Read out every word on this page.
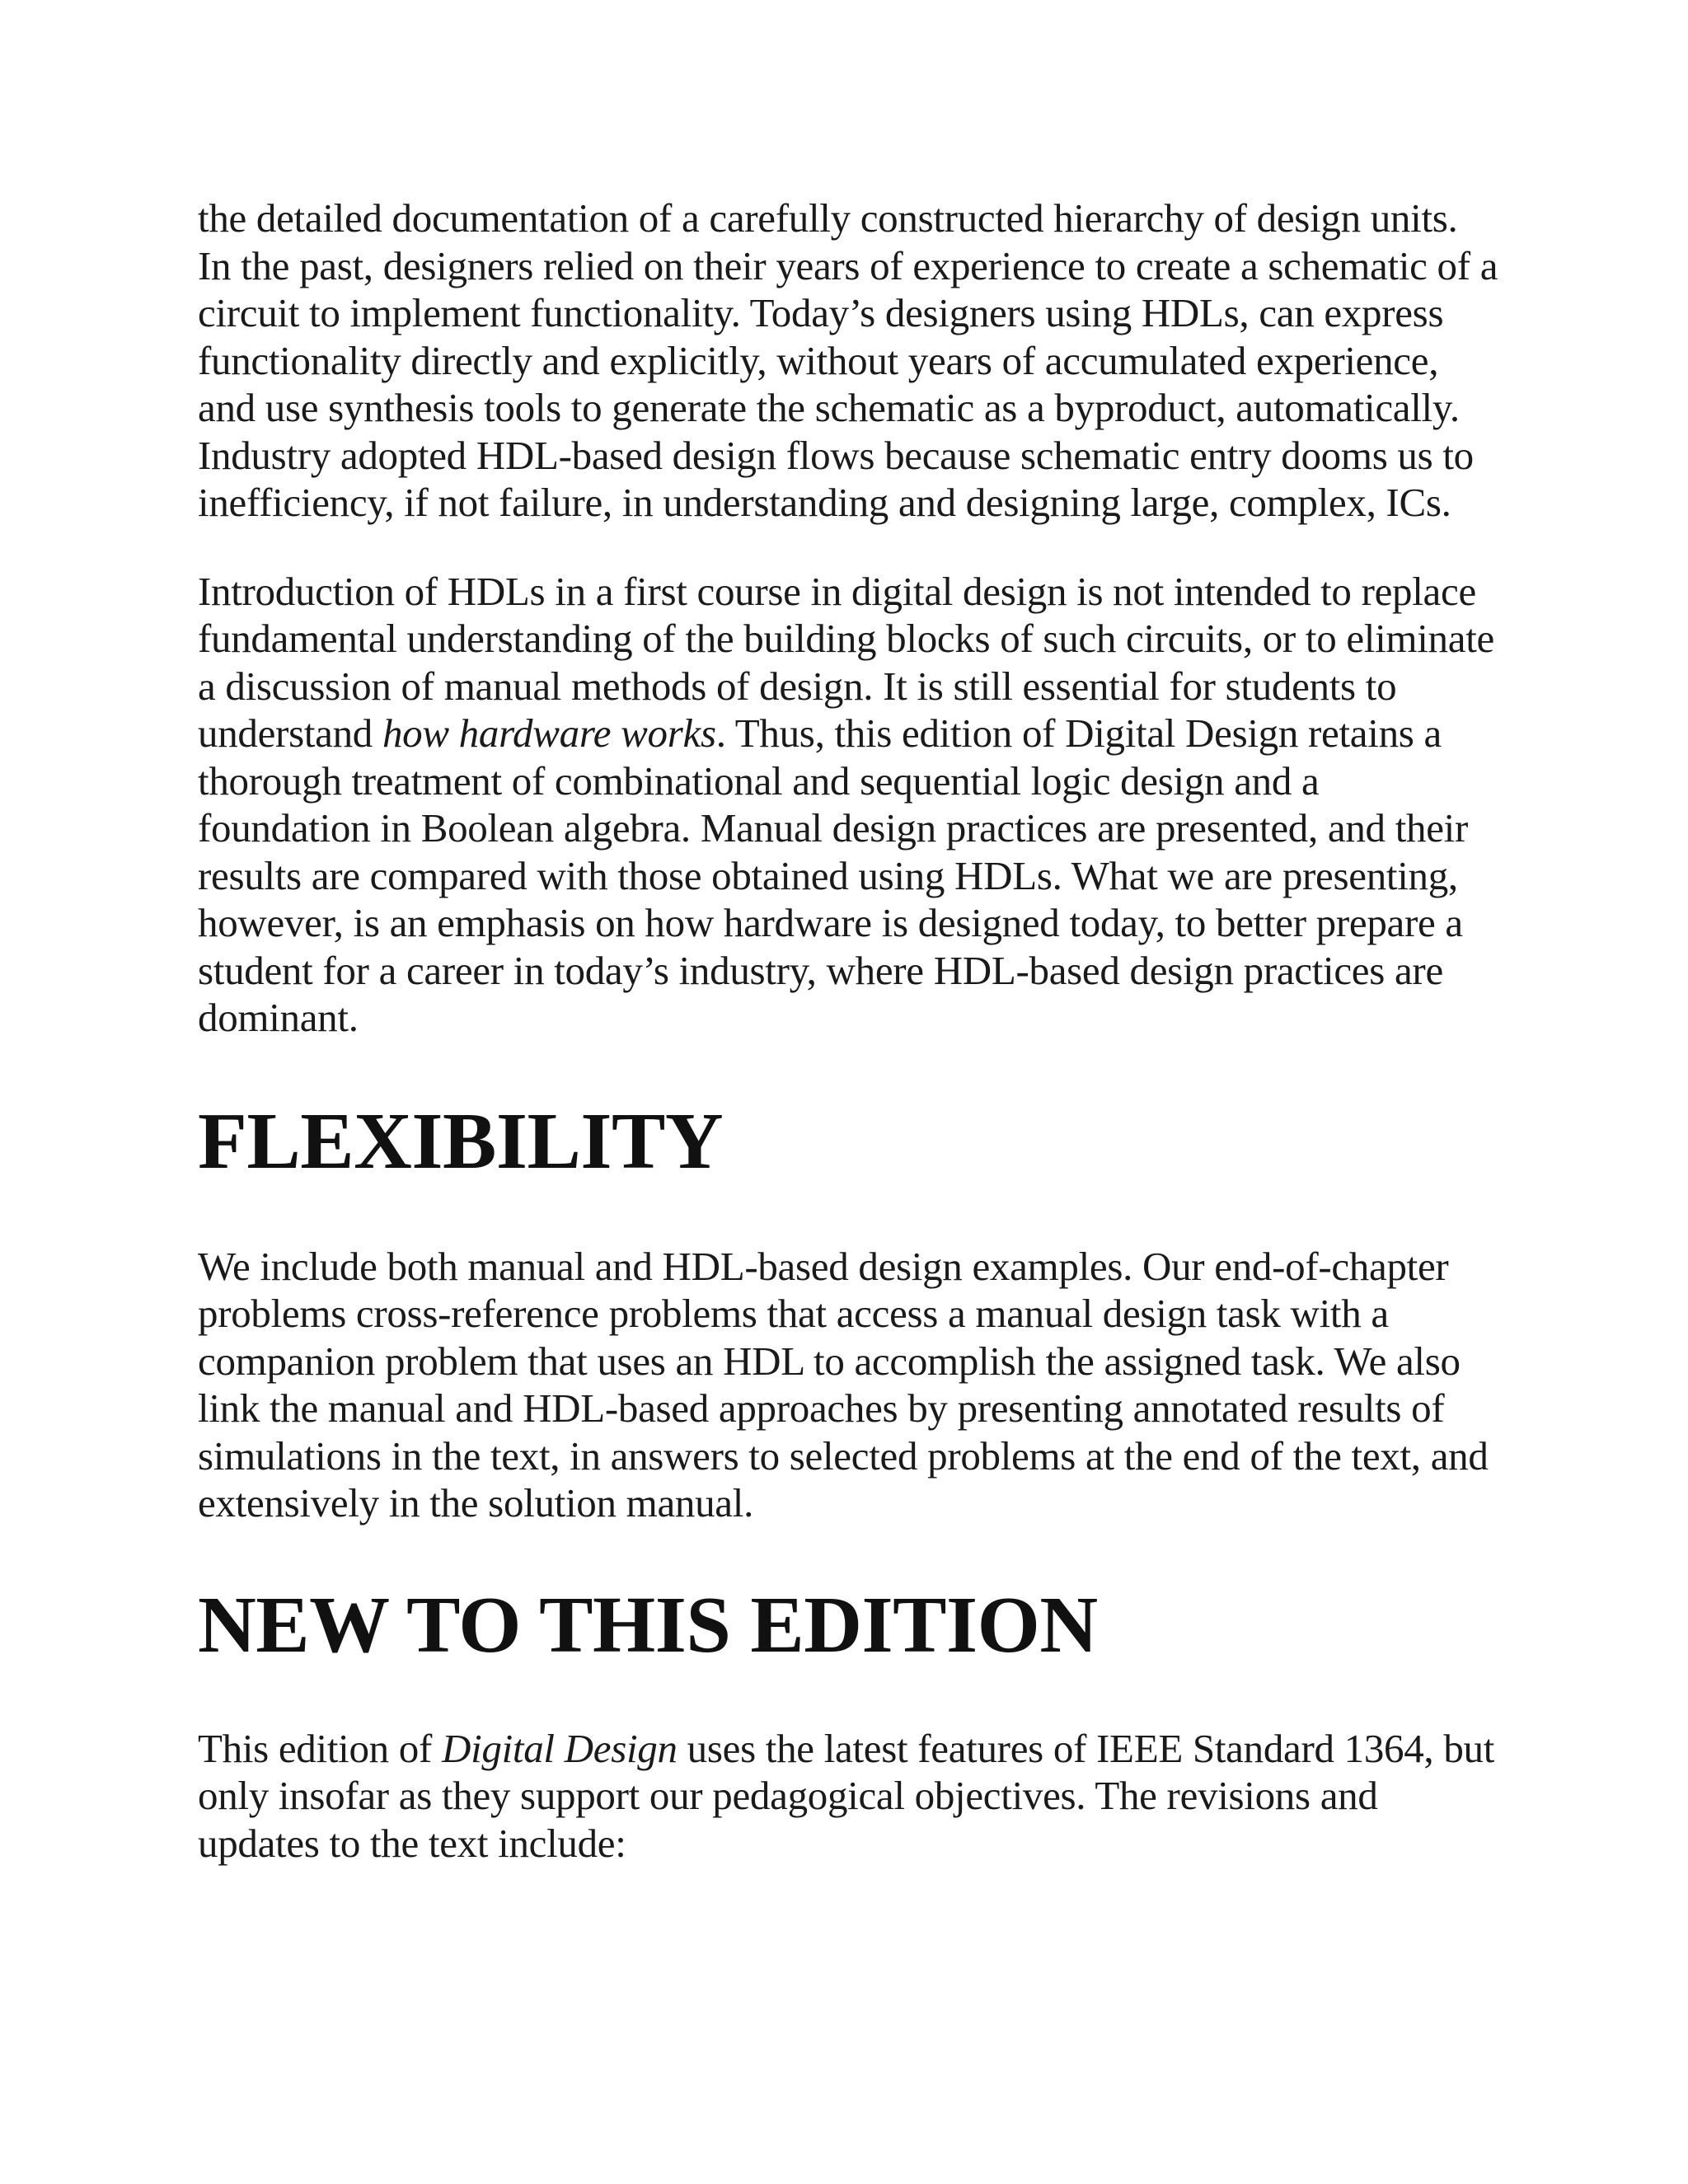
the detailed documentation of a carefully constructed hierarchy of design units. In the past, designers relied on their years of experience to create a schematic of a circuit to implement functionality. Today’s designers using HDLs, can express functionality directly and explicitly, without years of accumulated experience, and use synthesis tools to generate the schematic as a byproduct, automatically. Industry adopted HDL-based design flows because schematic entry dooms us to inefficiency, if not failure, in understanding and designing large, complex, ICs.

Introduction of HDLs in a first course in digital design is not intended to replace fundamental understanding of the building blocks of such circuits, or to eliminate a discussion of manual methods of design. It is still essential for students to understand how hardware works. Thus, this edition of Digital Design retains a thorough treatment of combinational and sequential logic design and a foundation in Boolean algebra. Manual design practices are presented, and their results are compared with those obtained using HDLs. What we are presenting, however, is an emphasis on how hardware is designed today, to better prepare a student for a career in today’s industry, where HDL-based design practices are dominant.

FLEXIBILITY

We include both manual and HDL-based design examples. Our end-of-chapter problems cross-reference problems that access a manual design task with a companion problem that uses an HDL to accomplish the assigned task. We also link the manual and HDL-based approaches by presenting annotated results of simulations in the text, in answers to selected problems at the end of the text, and extensively in the solution manual.

NEW TO THIS EDITION

This edition of Digital Design uses the latest features of IEEE Standard 1364, but only insofar as they support our pedagogical objectives. The revisions and updates to the text include:
